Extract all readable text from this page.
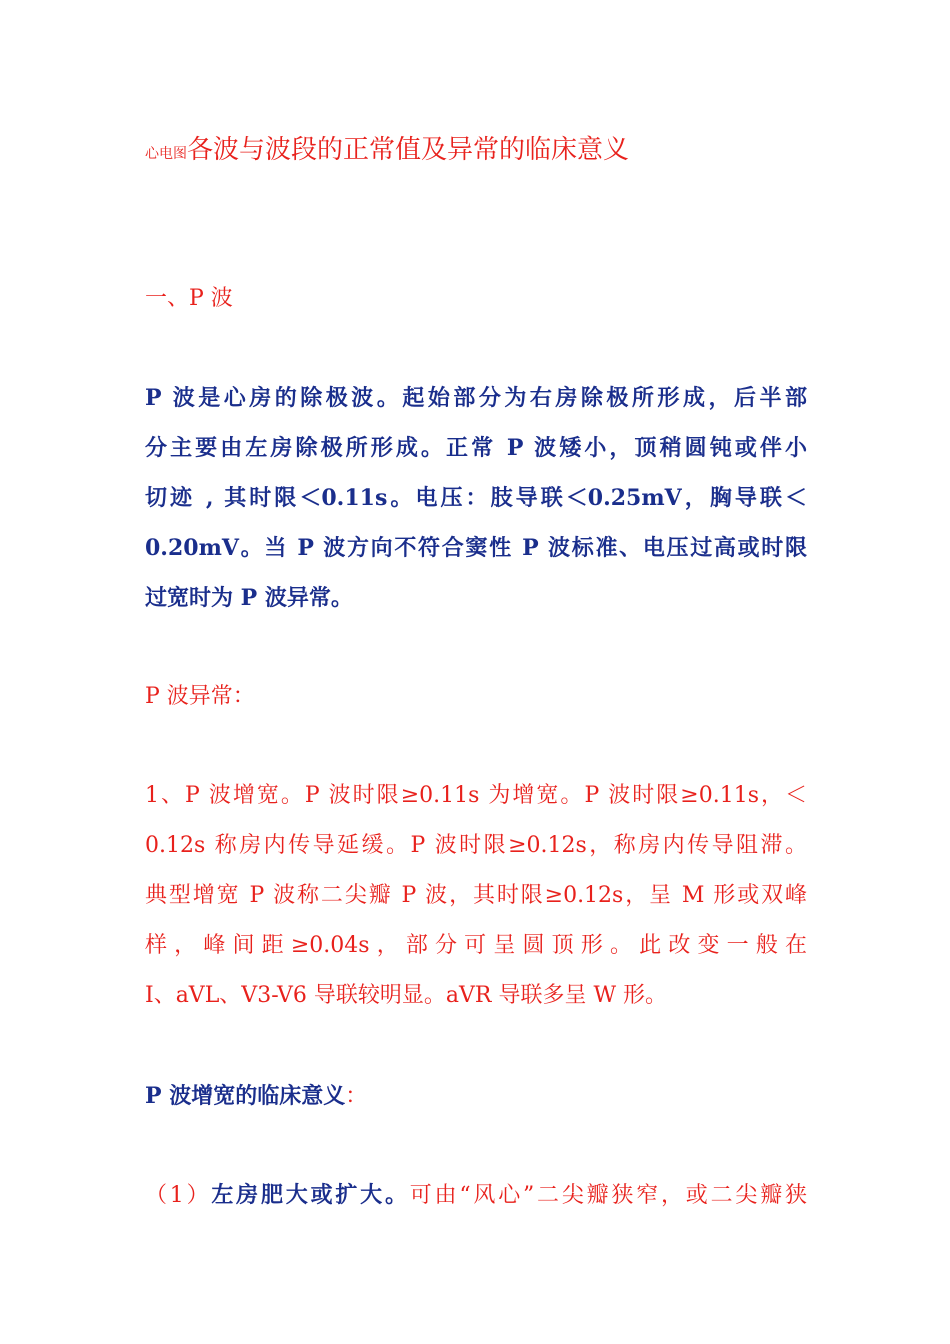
心电图各波与波段的正常值及异常的临床意义
一、P 波
P 波是心房的除极波。起始部分为右房除极所形成，后半部
分主要由左房除极所形成。正常 P 波矮小，顶稍圆钝或伴小
切迹 , 其时限＜0.11s。电压：肢导联＜0.25mV，胸导联＜
0.20mV。当 P 波方向不符合窦性 P 波标准、电压过高或时限
过宽时为 P 波异常。
P 波异常：
1、P 波增宽。P 波时限≥0.11s 为增宽。P 波时限≥0.11s，＜
0.12s 称房内传导延缓。P 波时限≥0.12s，称房内传导阻滞。
典型增宽 P 波称二尖瓣 P 波，其时限≥0.12s，呈 M 形或双峰
样，峰间距≥0.04s，部分可呈圆顶形。此改变一般在
I、aVL、V3-V6 导联较明显。aVR 导联多呈 W 形。
P 波增宽的临床意义：
（1）左房肥大或扩大。可由“风心”二尖瓣狭窄，或二尖瓣狭
